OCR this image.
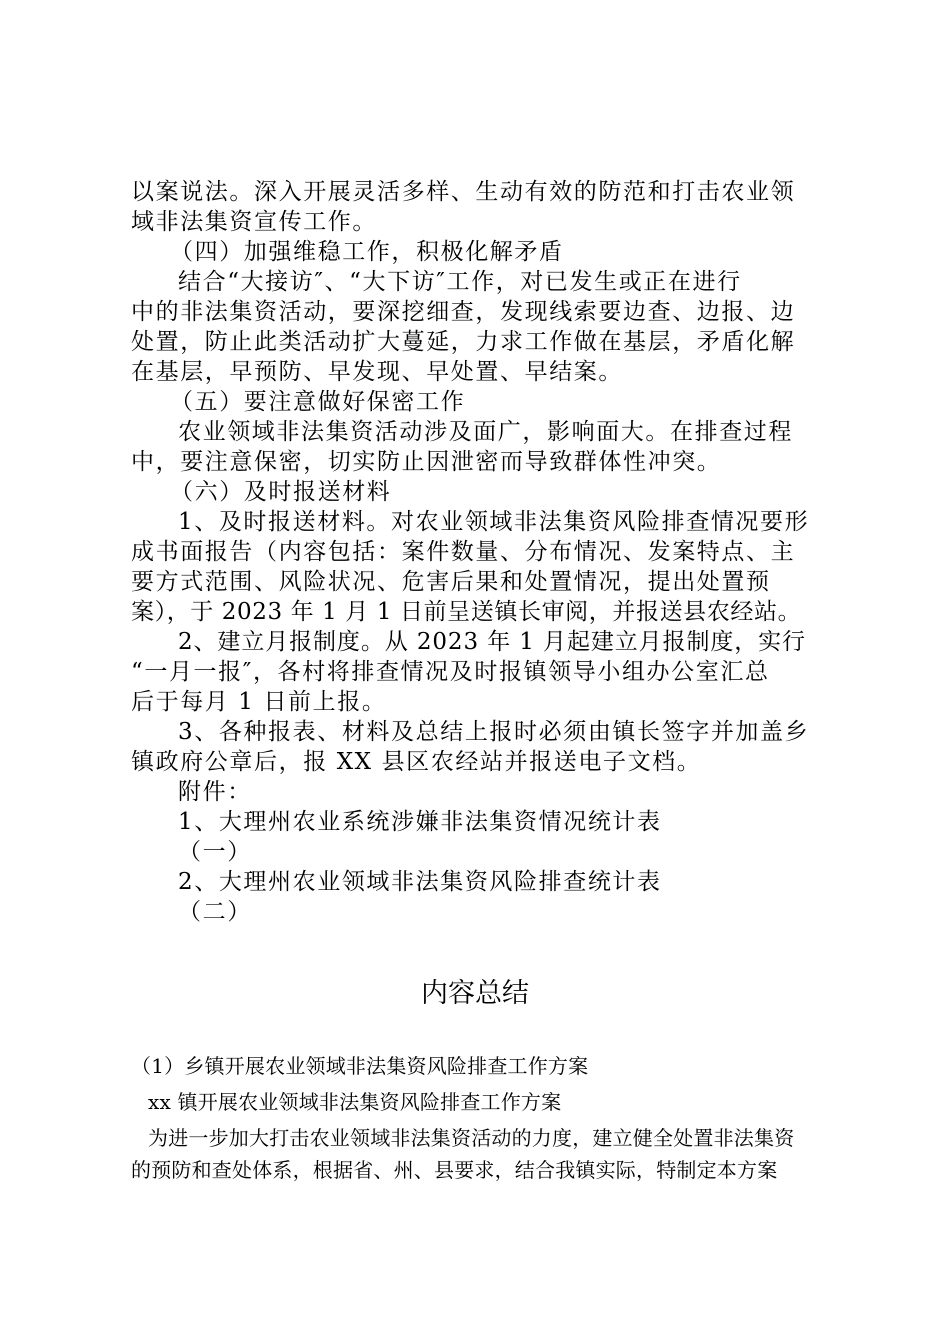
以案说法。深入开展灵活多样、生动有效的防范和打击农业领
域非法集资宣传工作。
（四）加强维稳工作，积极化解矛盾
结合“大接访″、“大下访″工作，对已发生或正在进行
中的非法集资活动，要深挖细查，发现线索要边查、边报、边
处置，防止此类活动扩大蔓延，力求工作做在基层，矛盾化解
在基层，早预防、早发现、早处置、早结案。
（五）要注意做好保密工作
农业领域非法集资活动涉及面广，影响面大。在排查过程
中，要注意保密，切实防止因泄密而导致群体性冲突。
（六）及时报送材料
1、及时报送材料。对农业领域非法集资风险排查情况要形
成书面报告（内容包括：案件数量、分布情况、发案特点、主
要方式范围、风险状况、危害后果和处置情况，提出处置预
案），于 2023 年 1 月 1 日前呈送镇长审阅，并报送县农经站。
2、建立月报制度。从 2023 年 1 月起建立月报制度，实行
“一月一报″，各村将排查情况及时报镇领导小组办公室汇总
后于每月 1 日前上报。
3、各种报表、材料及总结上报时必须由镇长签字并加盖乡
镇政府公章后，报 XX 县区农经站并报送电子文档。
附件：
1、大理州农业系统涉嫌非法集资情况统计表
（一）
2、大理州农业领域非法集资风险排查统计表
（二）
内容总结
（1）乡镇开展农业领域非法集资风险排查工作方案
xx 镇开展农业领域非法集资风险排查工作方案
为进一步加大打击农业领域非法集资活动的力度，建立健全处置非法集资
的预防和查处体系，根据省、州、县要求，结合我镇实际，特制定本方案
